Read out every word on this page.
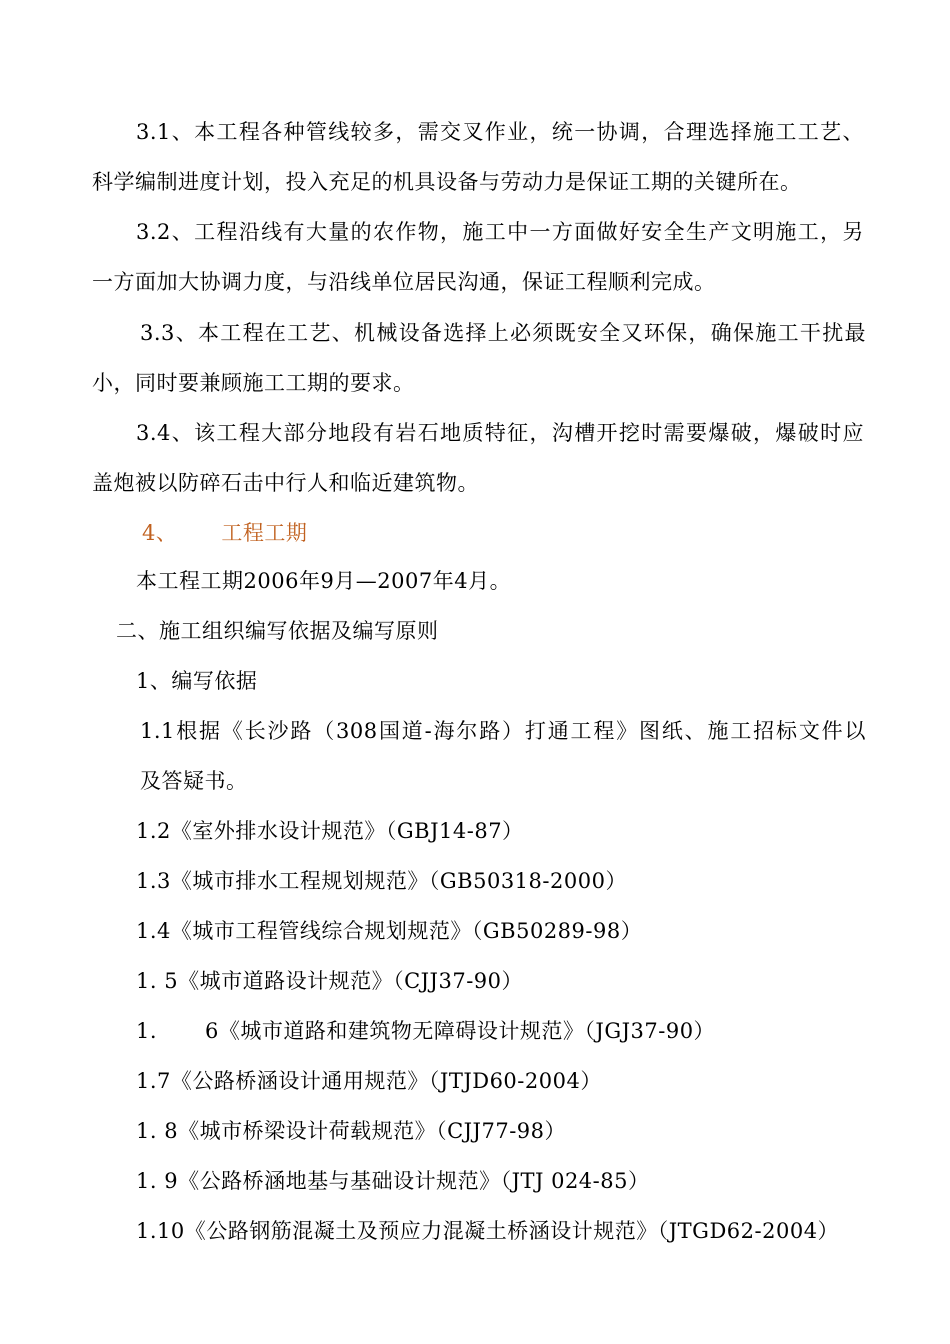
3.1、本工程各种管线较多，需交叉作业，统一协调，合理选择施工工艺、
科学编制进度计划，投入充足的机具设备与劳动力是保证工期的关键所在。
3.2、工程沿线有大量的农作物，施工中一方面做好安全生产文明施工，另
一方面加大协调力度，与沿线单位居民沟通，保证工程顺利完成。
3.3、本工程在工艺、机械设备选择上必须既安全又环保，确保施工干扰最
小，同时要兼顾施工工期的要求。
3.4、该工程大部分地段有岩石地质特征，沟槽开挖时需要爆破，爆破时应
盖炮被以防碎石击中行人和临近建筑物。
4、 工程工期
本工程工期2006年9月—2007年4月。
二、施工组织编写依据及编写原则
1、编写依据
1.1根据《长沙路（308国道-海尔路）打通工程》图纸、施工招标文件以
及答疑书。
1.2《室外排水设计规范》（GBJ14-87）
1.3《城市排水工程规划规范》（GB50318-2000）
1.4《城市工程管线综合规划规范》（GB50289-98）
1. 5《城市道路设计规范》（CJJ37-90）
1. 6《城市道路和建筑物无障碍设计规范》（JGJ37-90）
1.7《公路桥涵设计通用规范》（JTJD60-2004）
1. 8《城市桥梁设计荷载规范》（CJJ77-98）
1. 9《公路桥涵地基与基础设计规范》（JTJ 024-85）
1.10《公路钢筋混凝土及预应力混凝土桥涵设计规范》（JTGD62-2004）
